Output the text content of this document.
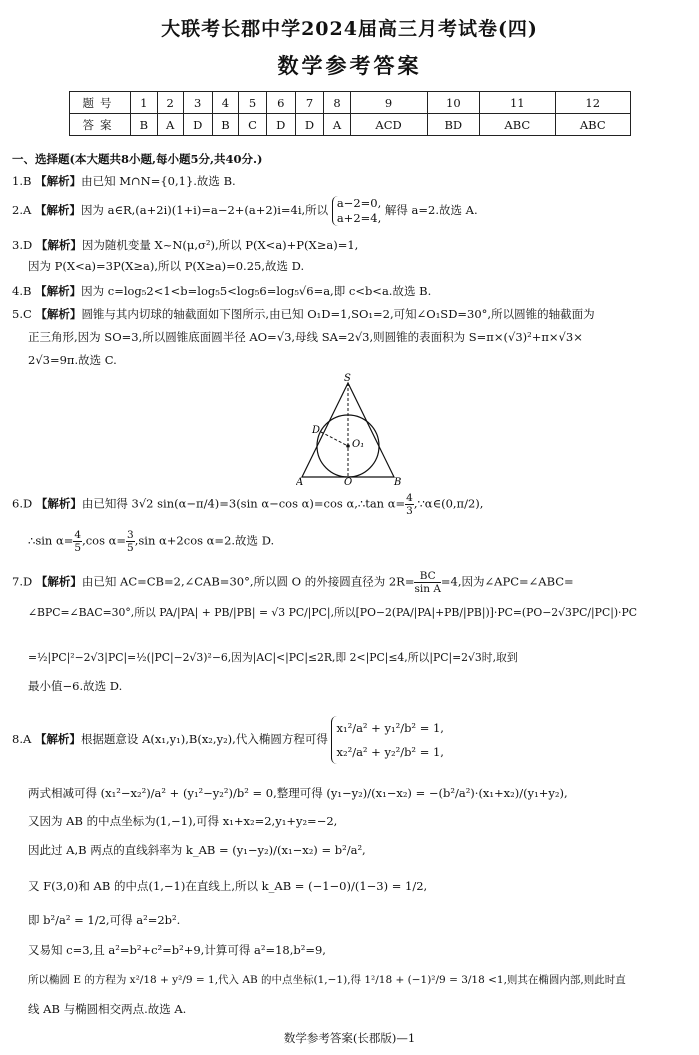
大联考长郡中学2024届高三月考试卷(四)
数学参考答案
题号	1	2	3	4	5	6	7	8	9	10	11	12
答案	B	A	D	B	C	D	D	A	ACD	BD	ABC	ABC
一、选择题(本大题共8小题,每小题5分,共40分.)
1.B 【解析】由已知 M∩N={0,1}.故选 B.
2.A 【解析】因为 a∈R,(a+2i)(1+i)=a−2+(a+2)i=4i,所以 a−2=0,
a+2=4, 解得 a=2.故选 A.
3.D 【解析】因为随机变量 X~N(μ,σ²),所以 P(X<a)+P(X≥a)=1,
因为 P(X<a)=3P(X≥a),所以 P(X≥a)=0.25,故选 D.
4.B 【解析】因为 c=log₅2<1<b=log₅5<log₅6=log₅√6=a,即 c<b<a.故选 B.
5.C 【解析】圆锥与其内切球的轴截面如下图所示,由已知 O₁D=1,SO₁=2,可知∠O₁SD=30°,所以圆锥的轴截面为
正三角形,因为 SO=3,所以圆锥底面圆半径 AO=√3,母线 SA=2√3,则圆锥的表面积为 S=π×(√3)²+π×√3×
2√3=9π.故选 C.
S
D
O₁
A	O	B
6.D 【解析】由已知得 3√2 sin(α−π/4)=3(sin α−cos α)=cos α,∴tan $\alpha= \frac{4}{3}$ ,∵α∈(0,π/2),
∴sin $\alpha= \frac{4}{5} ,\cos$ $\alpha= \frac{3}{5} ,\sin$ α+2cos α=2.故选 D.
7.D 【解析】由已知 AC=CB=2,∠CAB=30°,所以圆 O 的外接圆直径为 $2R= \frac{BC}{\text{sin A}} =4$,因为∠APC=∠ABC=
∠BPC=∠BAC=30°,所以 PA/|PA| + PB/|PB| = √3 PC/|PC|,所以[PO−2(PA/|PA|+PB/|PB|)]·PC=(PO−2√3PC/|PC|)·PC
=½|PC|²−2√3|PC|=½(|PC|−2√3)²−6,因为|AC|<|PC|≤2R,即 2<|PC|≤4,所以|PC|=2√3时,取到
最小值−6.故选 D.
8.A 【解析】根据题意设 A(x₁,y₁),B(x₂,y₂),代入椭圆方程可得 x₁²/a² + y₁²/b² = 1,
x₂²/a² + y₂²/b² = 1,
两式相减可得 (x₁²−x₂²)/a² + (y₁²−y₂²)/b² = 0,整理可得 (y₁−y₂)/(x₁−x₂) = −(b²/a²)·(x₁+x₂)/(y₁+y₂),
又因为 AB 的中点坐标为(1,−1),可得 x₁+x₂=2,y₁+y₂=−2,
因此过 A,B 两点的直线斜率为 k_AB = (y₁−y₂)/(x₁−x₂) = b²/a²,
又 F(3,0)和 AB 的中点(1,−1)在直线上,所以 k_AB = (−1−0)/(1−3) = 1/2,
即 b²/a² = 1/2,可得 a²=2b².
又易知 c=3,且 a²=b²+c²=b²+9,计算可得 a²=18,b²=9,
所以椭圆 E 的方程为 x²/18 + y²/9 = 1,代入 AB 的中点坐标(1,−1),得 1²/18 + (−1)²/9 = 3/18 <1,则其在椭圆内部,则此时直
线 AB 与椭圆相交两点.故选 A.
数学参考答案(长郡版)—1
